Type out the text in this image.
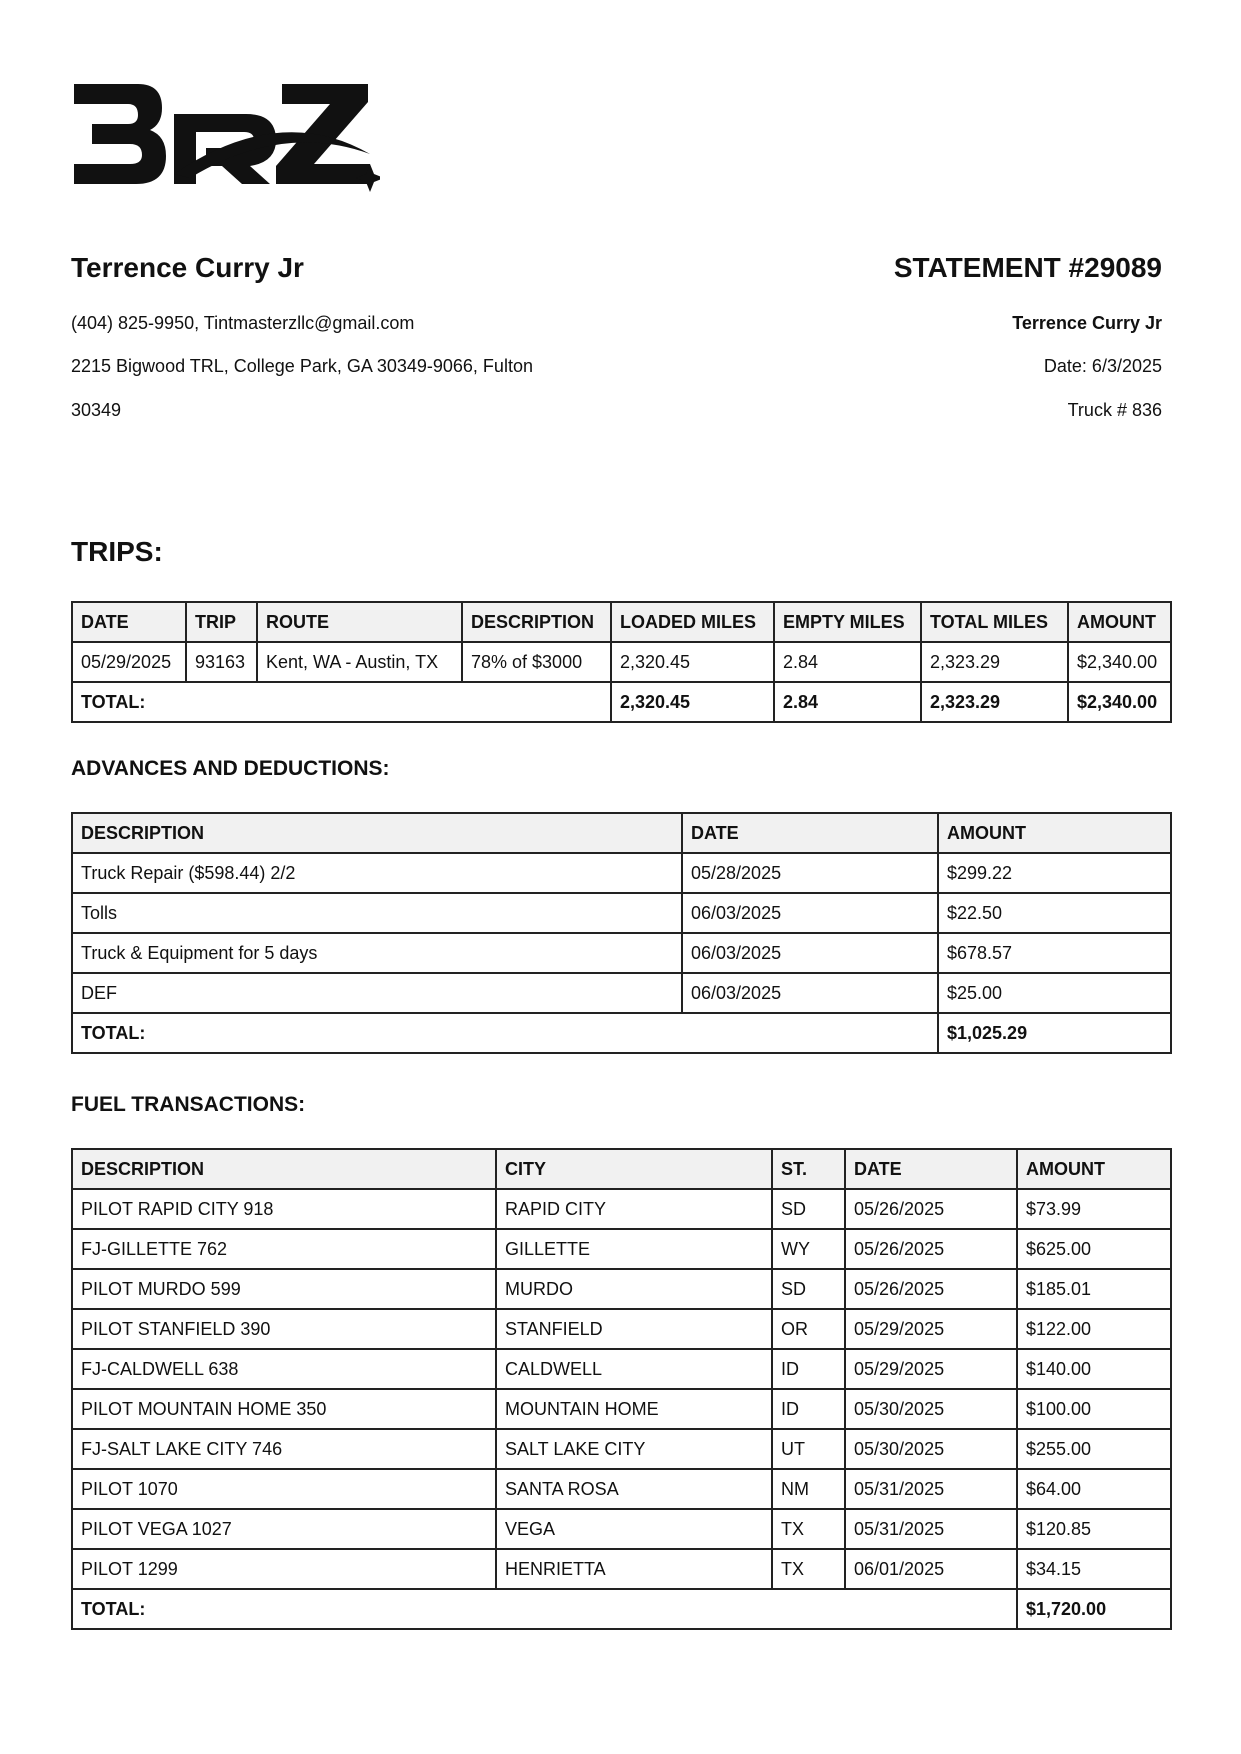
Terrence Curry Jr
(404) 825-9950, Tintmasterzllc@gmail.com
2215 Bigwood TRL, College Park, GA 30349-9066, Fulton
30349
STATEMENT #29089
Terrence Curry Jr
Date: 6/3/2025
Truck # 836
TRIPS:
DATE	TRIP	ROUTE	DESCRIPTION	LOADED MILES	EMPTY MILES	TOTAL MILES	AMOUNT
05/29/2025	93163	Kent, WA - Austin, TX	78% of $3000	2,320.45	2.84	2,323.29	$2,340.00
TOTAL:				2,320.45	2.84	2,323.29	$2,340.00
ADVANCES AND DEDUCTIONS:
DESCRIPTION	DATE	AMOUNT
Truck Repair ($598.44) 2/2	05/28/2025	$299.22
Tolls	06/03/2025	$22.50
Truck & Equipment for 5 days	06/03/2025	$678.57
DEF	06/03/2025	$25.00
TOTAL:		$1,025.29
FUEL TRANSACTIONS:
DESCRIPTION	CITY	ST.	DATE	AMOUNT
PILOT RAPID CITY 918	RAPID CITY	SD	05/26/2025	$73.99
FJ-GILLETTE 762	GILLETTE	WY	05/26/2025	$625.00
PILOT MURDO 599	MURDO	SD	05/26/2025	$185.01
PILOT STANFIELD 390	STANFIELD	OR	05/29/2025	$122.00
FJ-CALDWELL 638	CALDWELL	ID	05/29/2025	$140.00
PILOT MOUNTAIN HOME 350	MOUNTAIN HOME	ID	05/30/2025	$100.00
FJ-SALT LAKE CITY 746	SALT LAKE CITY	UT	05/30/2025	$255.00
PILOT 1070	SANTA ROSA	NM	05/31/2025	$64.00
PILOT VEGA 1027	VEGA	TX	05/31/2025	$120.85
PILOT 1299	HENRIETTA	TX	06/01/2025	$34.15
TOTAL:				$1,720.00
